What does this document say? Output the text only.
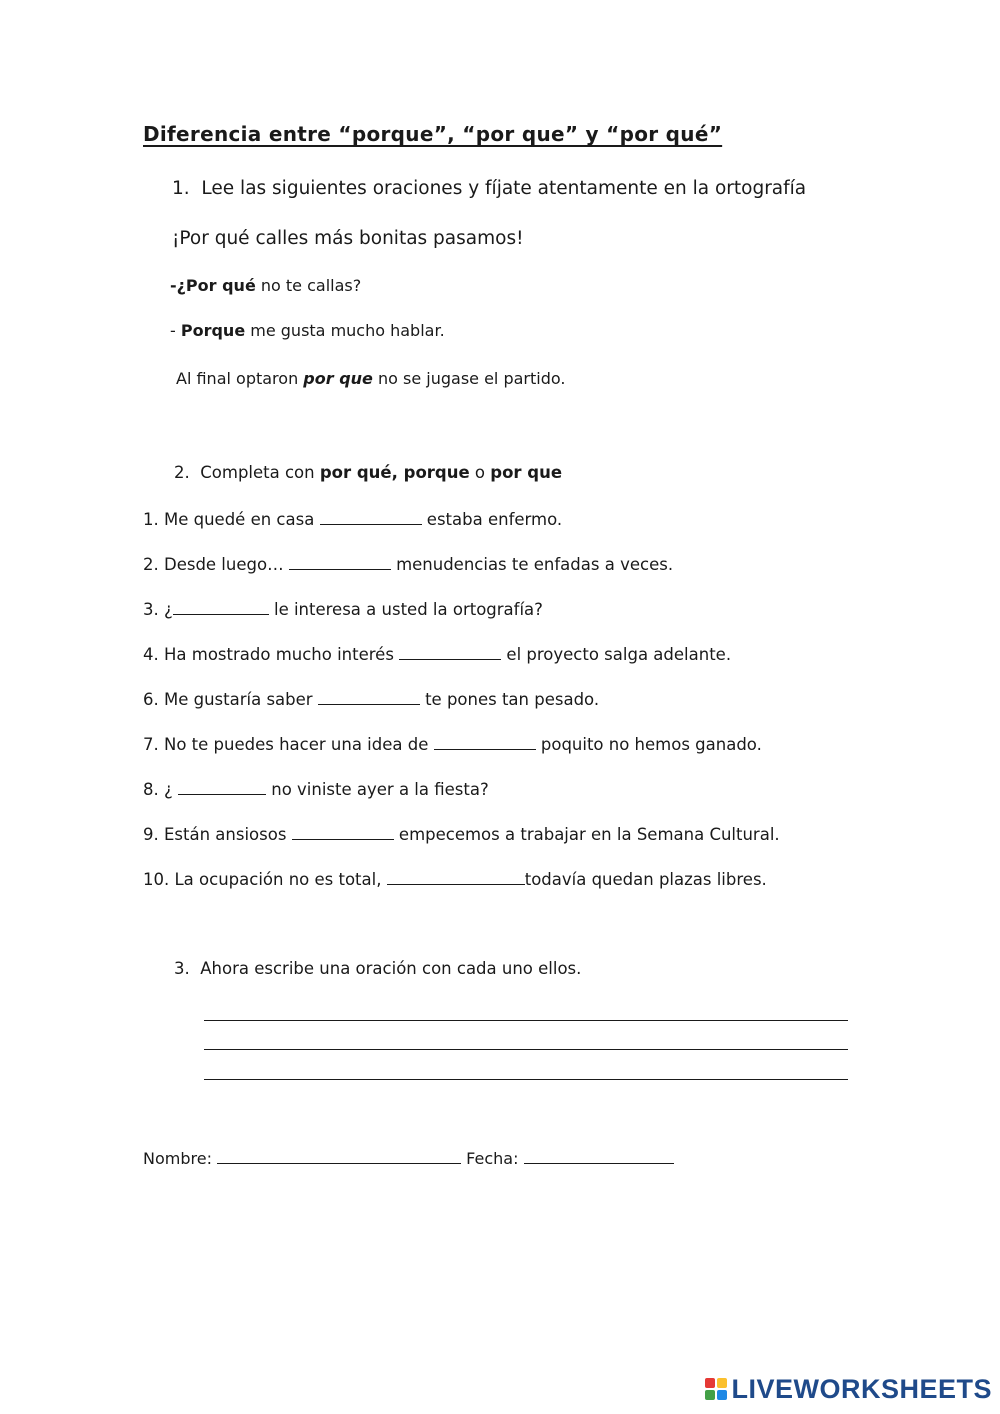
Diferencia entre “porque”, “por que” y “por qué”
1. Lee las siguientes oraciones y fíjate atentamente en la ortografía
¡Por qué calles más bonitas pasamos!
-¿Por qué no te callas?
- Porque me gusta mucho hablar.
Al final optaron por que no se jugase el partido.
2. Completa con por qué, porque o por que
1. Me quedé en casa	estaba enfermo.
2. Desde luego…	menudencias te enfadas a veces.
3. ¿	le interesa a usted la ortografía?
4. Ha mostrado mucho interés	el proyecto salga adelante.
6. Me gustaría saber	te pones tan pesado.
7. No te puedes hacer una idea de	poquito no hemos ganado.
8. ¿	no viniste ayer a la fiesta?
9. Están ansiosos	empecemos a trabajar en la Semana Cultural.
10. La ocupación no es total,	todavía quedan plazas libres.
3. Ahora escribe una oración con cada uno ellos.
Nombre:	Fecha:
LIVEWORKSHEETS
